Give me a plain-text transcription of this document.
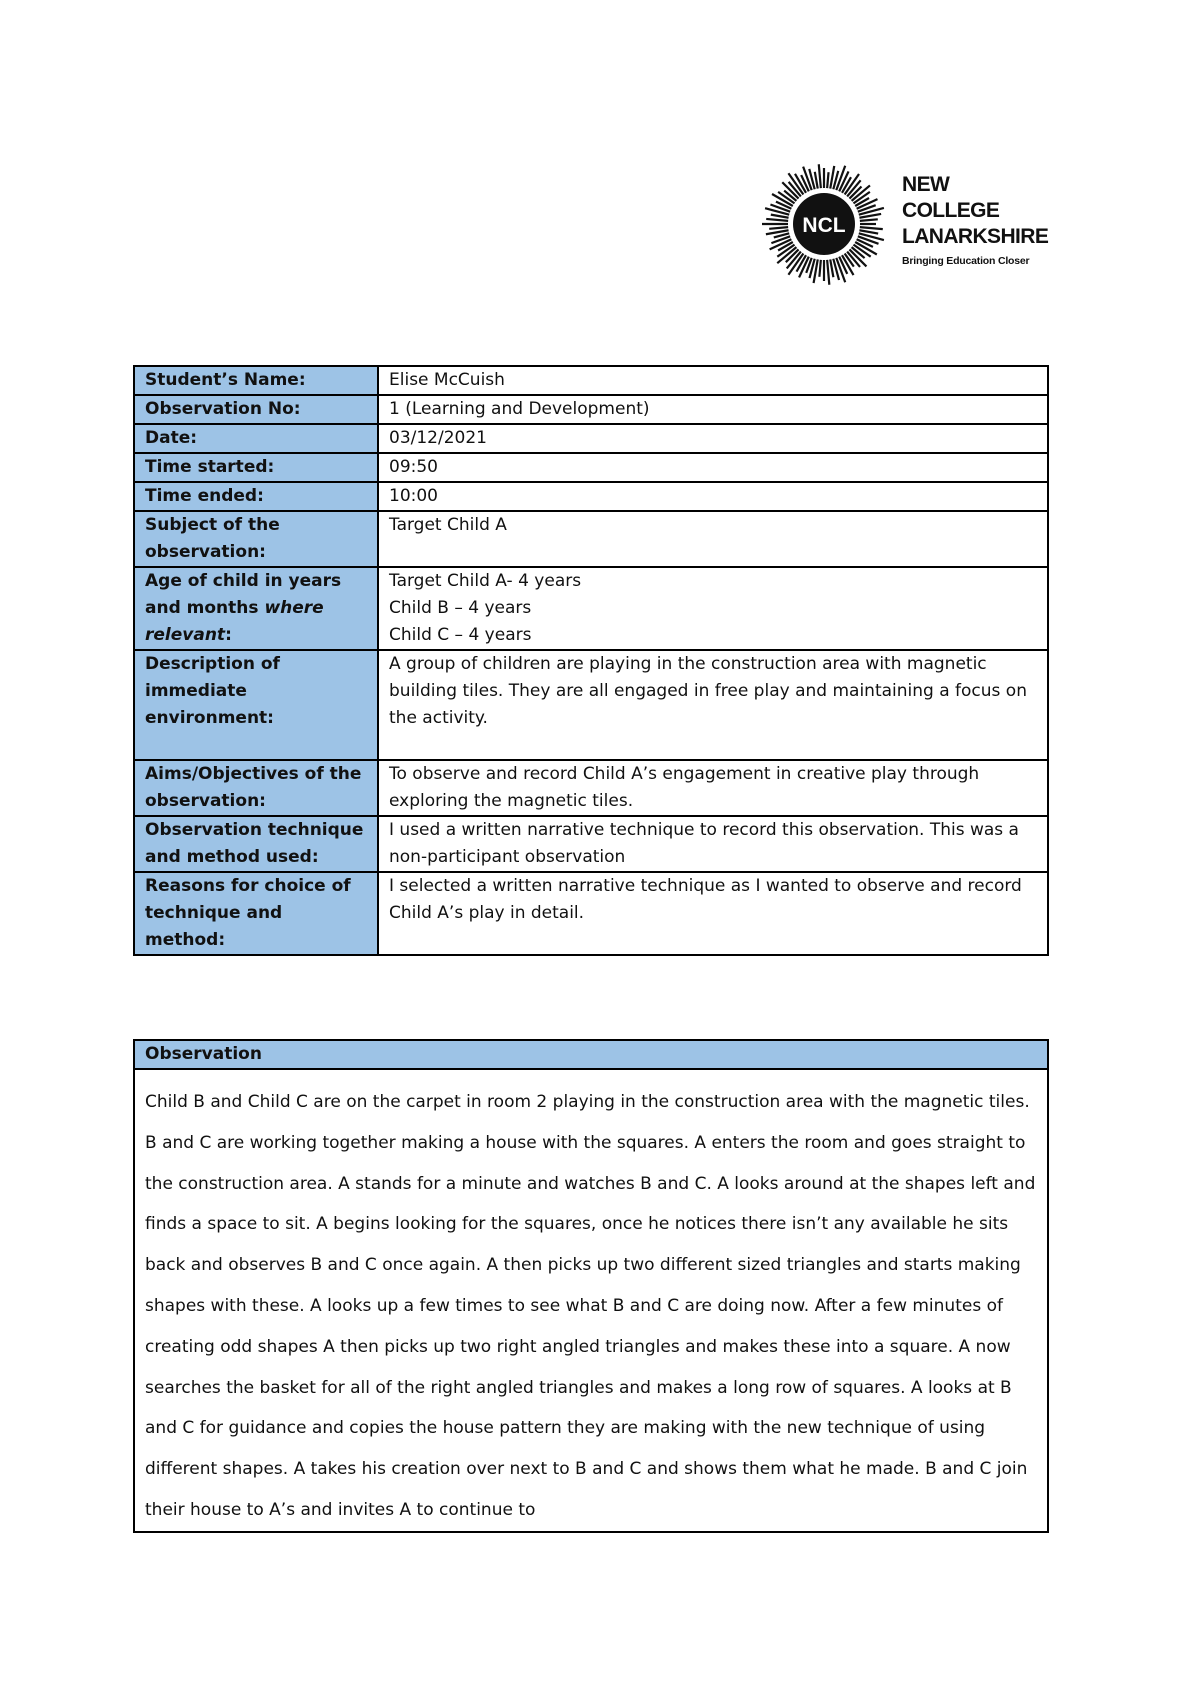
NCL
NEW
COLLEGE
LANARKSHIRE
Bringing Education Closer
Student’s Name:	Elise McCuish
Observation No:	1 (Learning and Development)
Date:	03/12/2021
Time started:	09:50
Time ended:	10:00
Subject of the observation:	Target Child A
Age of child in years and months where relevant:	Target Child A- 4 years
Child B – 4 years
Child C – 4 years

Description of immediate environment:	A group of children are playing in the construction area with magnetic building tiles. They are all engaged in free play and maintaining a focus on the activity.
Aims/Objectives of the observation:	To observe and record Child A’s engagement in creative play through exploring the magnetic tiles.
Observation technique and method used:	I used a written narrative technique to record this observation. This was a non-participant observation
Reasons for choice of technique and method:	I selected a written narrative technique as I wanted to observe and record Child A’s play in detail.
Observation
Child B and Child C are on the carpet in room 2 playing in the construction area with the magnetic tiles. B and C are working together making a house with the squares. A enters the room and goes straight to the construction area. A stands for a minute and watches B and C. A looks around at the shapes left and finds a space to sit. A begins looking for the squares, once he notices there isn’t any available he sits back and observes B and C once again. A then picks up two different sized triangles and starts making shapes with these. A looks up a few times to see what B and C are doing now. After a few minutes of creating odd shapes A then picks up two right angled triangles and makes these into a square. A now searches the basket for all of the right angled triangles and makes a long row of squares. A looks at B and C for guidance and copies the house pattern they are making with the new technique of using different shapes. A takes his creation over next to B and C and shows them what he made. B and C join their house to A’s and invites A to continue to
